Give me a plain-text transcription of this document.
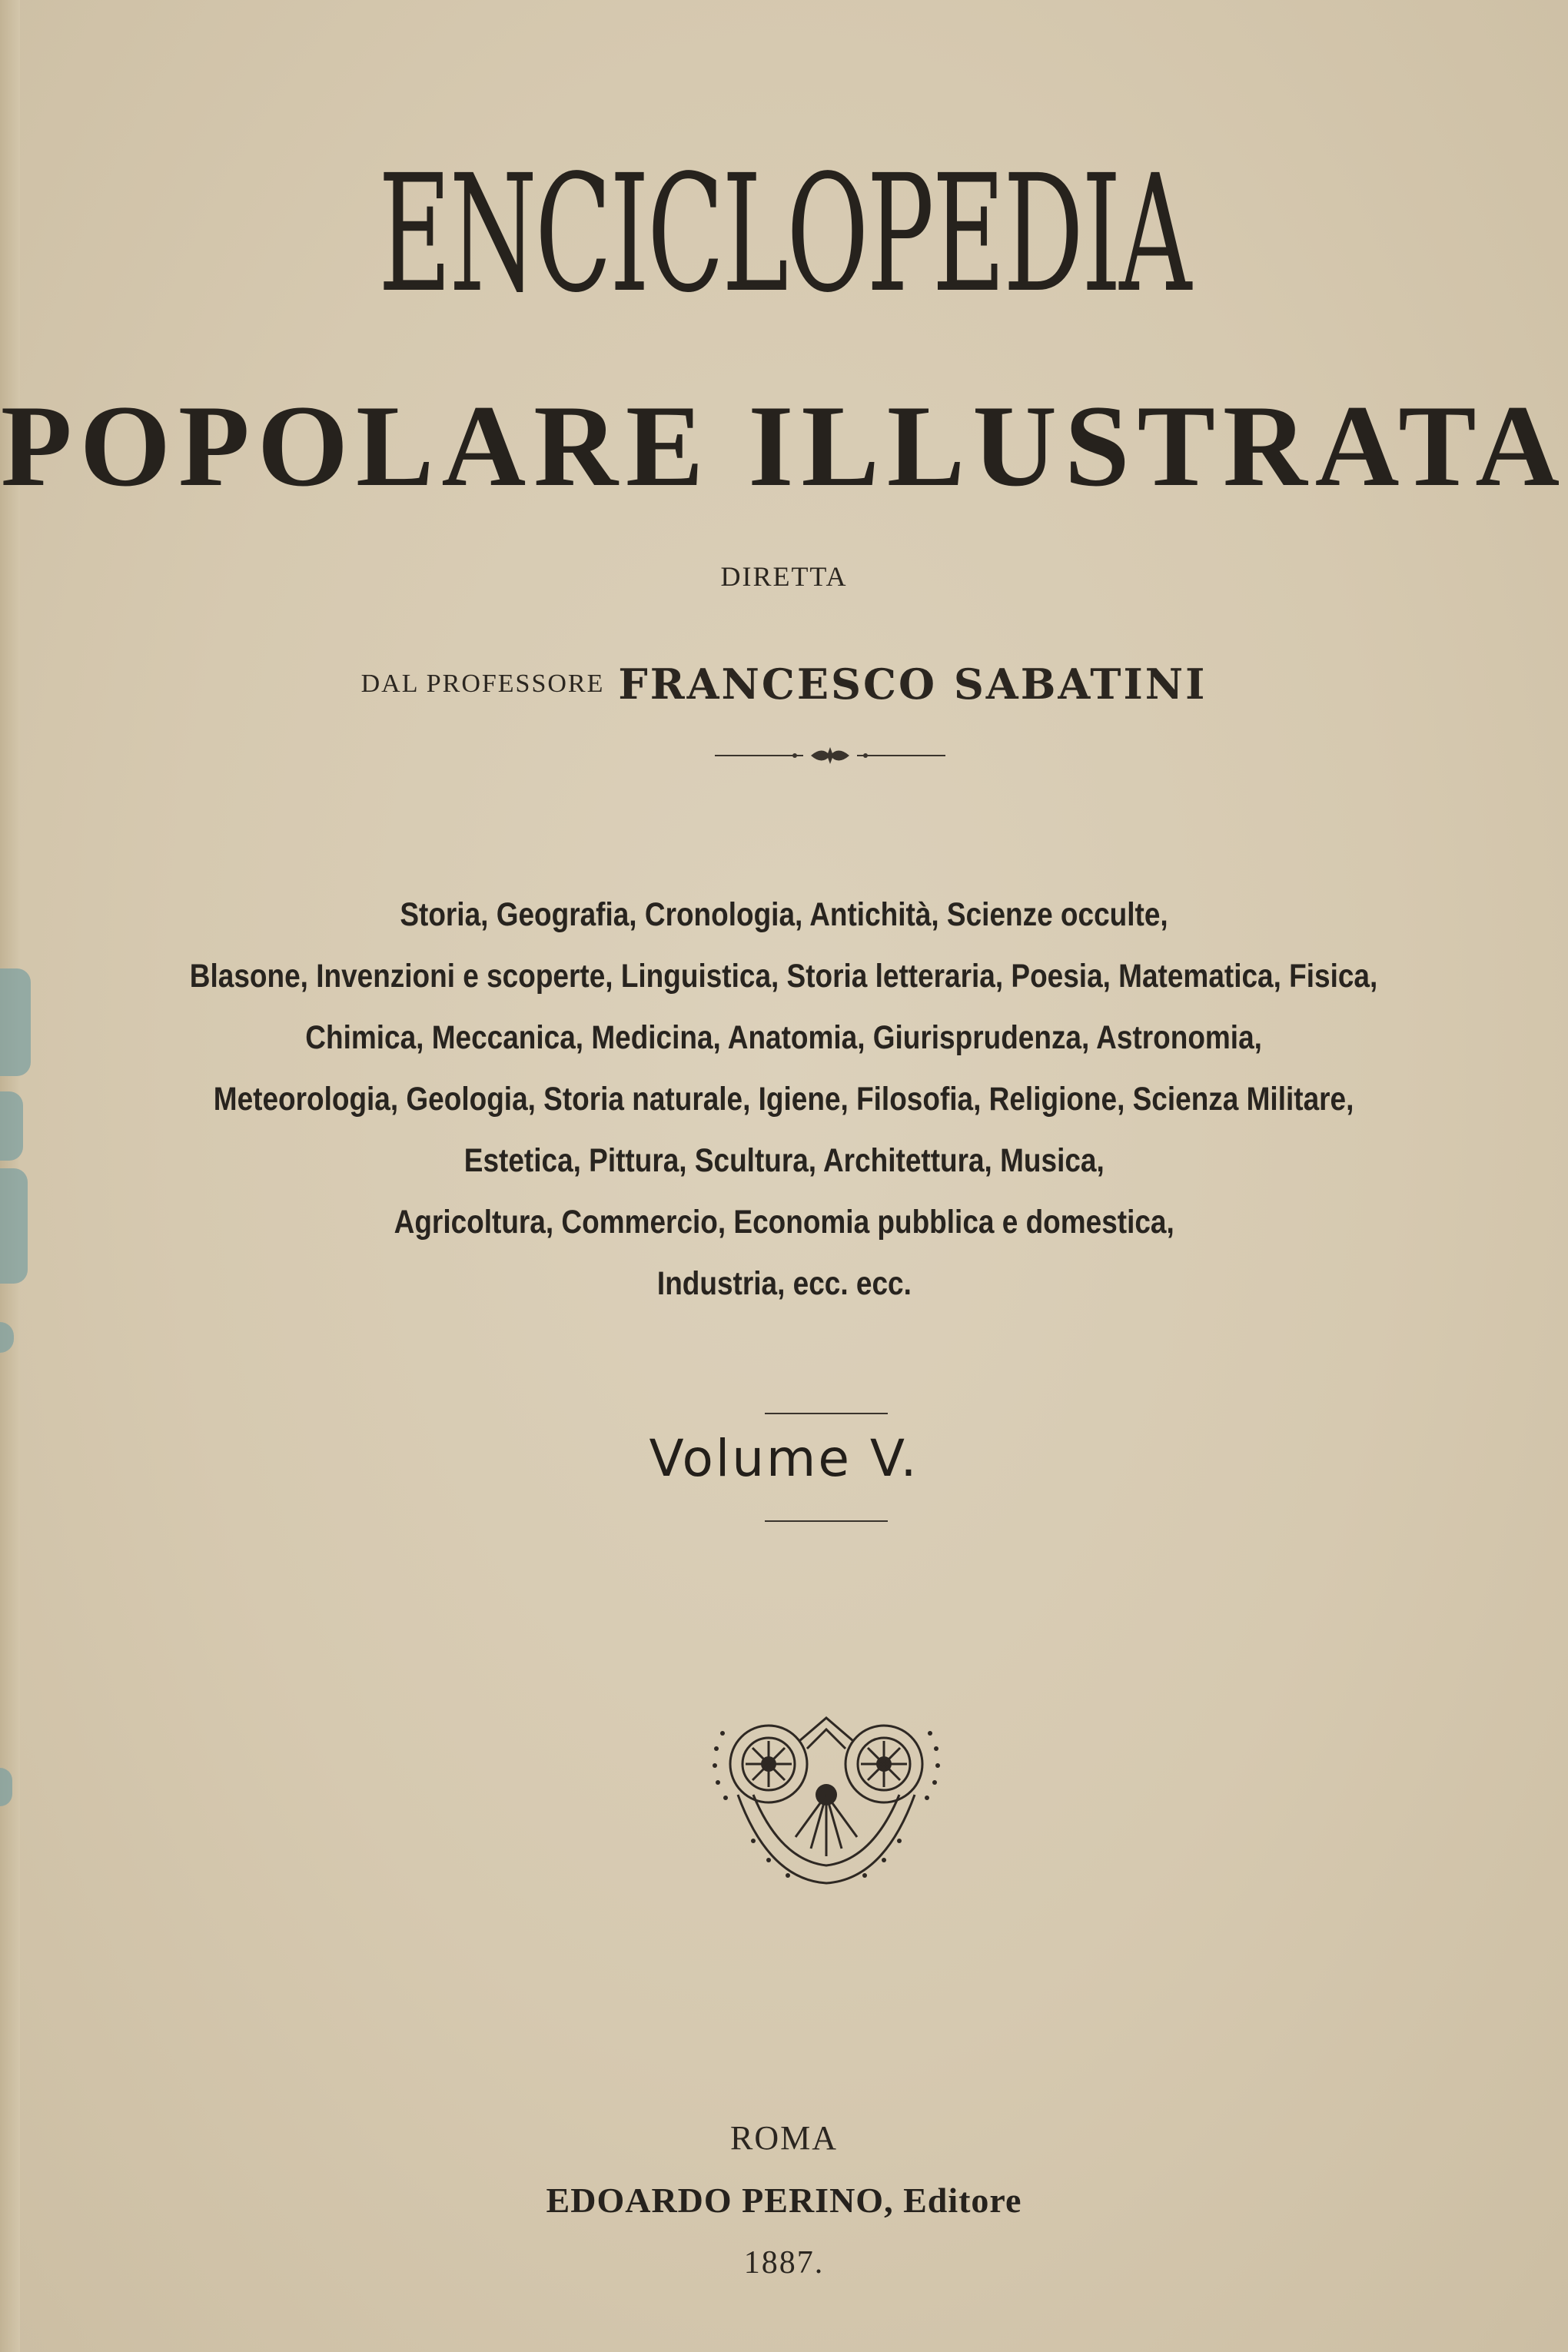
ENCICLOPEDIA
POPOLARE ILLUSTRATA
DIRETTA
DAL PROFESSORE FRANCESCO SABATINI
Storia, Geografia, Cronologia, Antichità, Scienze occulte,
Blasone, Invenzioni e scoperte, Linguistica, Storia letteraria, Poesia, Matematica, Fisica,
Chimica, Meccanica, Medicina, Anatomia, Giurisprudenza, Astronomia,
Meteorologia, Geologia, Storia naturale, Igiene, Filosofia, Religione, Scienza Militare,
Estetica, Pittura, Scultura, Architettura, Musica,
Agricoltura, Commercio, Economia pubblica e domestica,
Industria, ecc. ecc.
Volume V.
ROMA
EDOARDO PERINO, Editore
1887.
